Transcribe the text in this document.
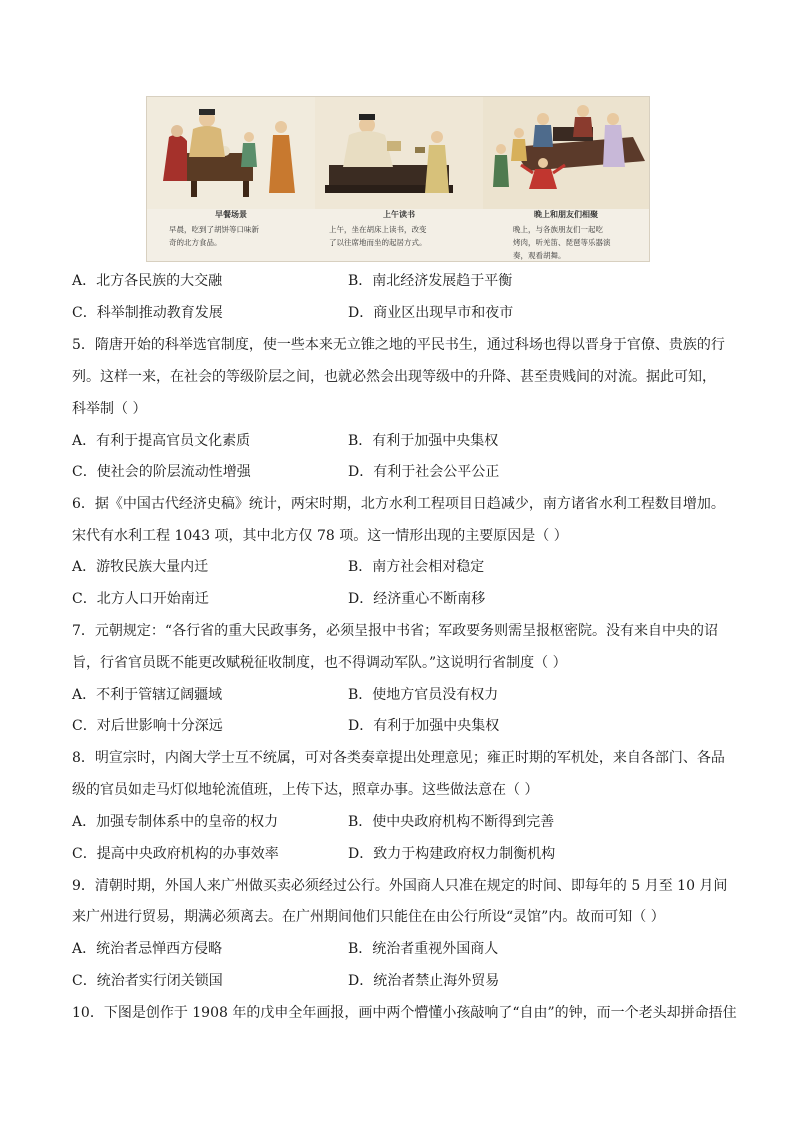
早餐场景
早晨，吃到了胡饼等口味新
奇的北方食品。
上午读书
上午，坐在胡床上读书，改变
了以往席地而坐的起居方式。
晚上和朋友们相聚
晚上，与各族朋友们一起吃
烤肉，听羌笛、琵琶等乐器演
奏，观看胡舞。
A．北方各民族的大交融	B．南北经济发展趋于平衡
C．科举制推动教育发展	D．商业区出现早市和夜市
5．隋唐开始的科举选官制度，使一些本来无立锥之地的平民书生，通过科场也得以晋身于官僚、贵族的行
列。这样一来，在社会的等级阶层之间，也就必然会出现等级中的升降、甚至贵贱间的对流。据此可知，
科举制（ ）
A．有利于提高官员文化素质	B．有利于加强中央集权
C．使社会的阶层流动性增强	D．有利于社会公平公正
6．据《中国古代经济史稿》统计，两宋时期，北方水利工程项目日趋减少，南方诸省水利工程数目增加。
宋代有水利工程 1043 项，其中北方仅 78 项。这一情形出现的主要原因是（ ）
A．游牧民族大量内迁	B．南方社会相对稳定
C．北方人口开始南迁	D．经济重心不断南移
7．元朝规定：“各行省的重大民政事务，必须呈报中书省；军政要务则需呈报枢密院。没有来自中央的诏
旨，行省官员既不能更改赋税征收制度，也不得调动军队。”这说明行省制度（ ）
A．不利于管辖辽阔疆域	B．使地方官员没有权力
C．对后世影响十分深远	D．有利于加强中央集权
8．明宣宗时，内阁大学士互不统属，可对各类奏章提出处理意见；雍正时期的军机处，来自各部门、各品
级的官员如走马灯似地轮流值班，上传下达，照章办事。这些做法意在（ ）
A．加强专制体系中的皇帝的权力	B．使中央政府机构不断得到完善
C．提高中央政府机构的办事效率	D．致力于构建政府权力制衡机构
9．清朝时期，外国人来广州做买卖必须经过公行。外国商人只准在规定的时间、即每年的 5 月至 10 月间
来广州进行贸易，期满必须离去。在广州期间他们只能住在由公行所设“灵馆”内。故而可知（ ）
A．统治者忌惮西方侵略	B．统治者重视外国商人
C．统治者实行闭关锁国	D．统治者禁止海外贸易
10．下图是创作于 1908 年的戊申全年画报，画中两个懵懂小孩敲响了“自由”的钟，而一个老头却拼命捂住
